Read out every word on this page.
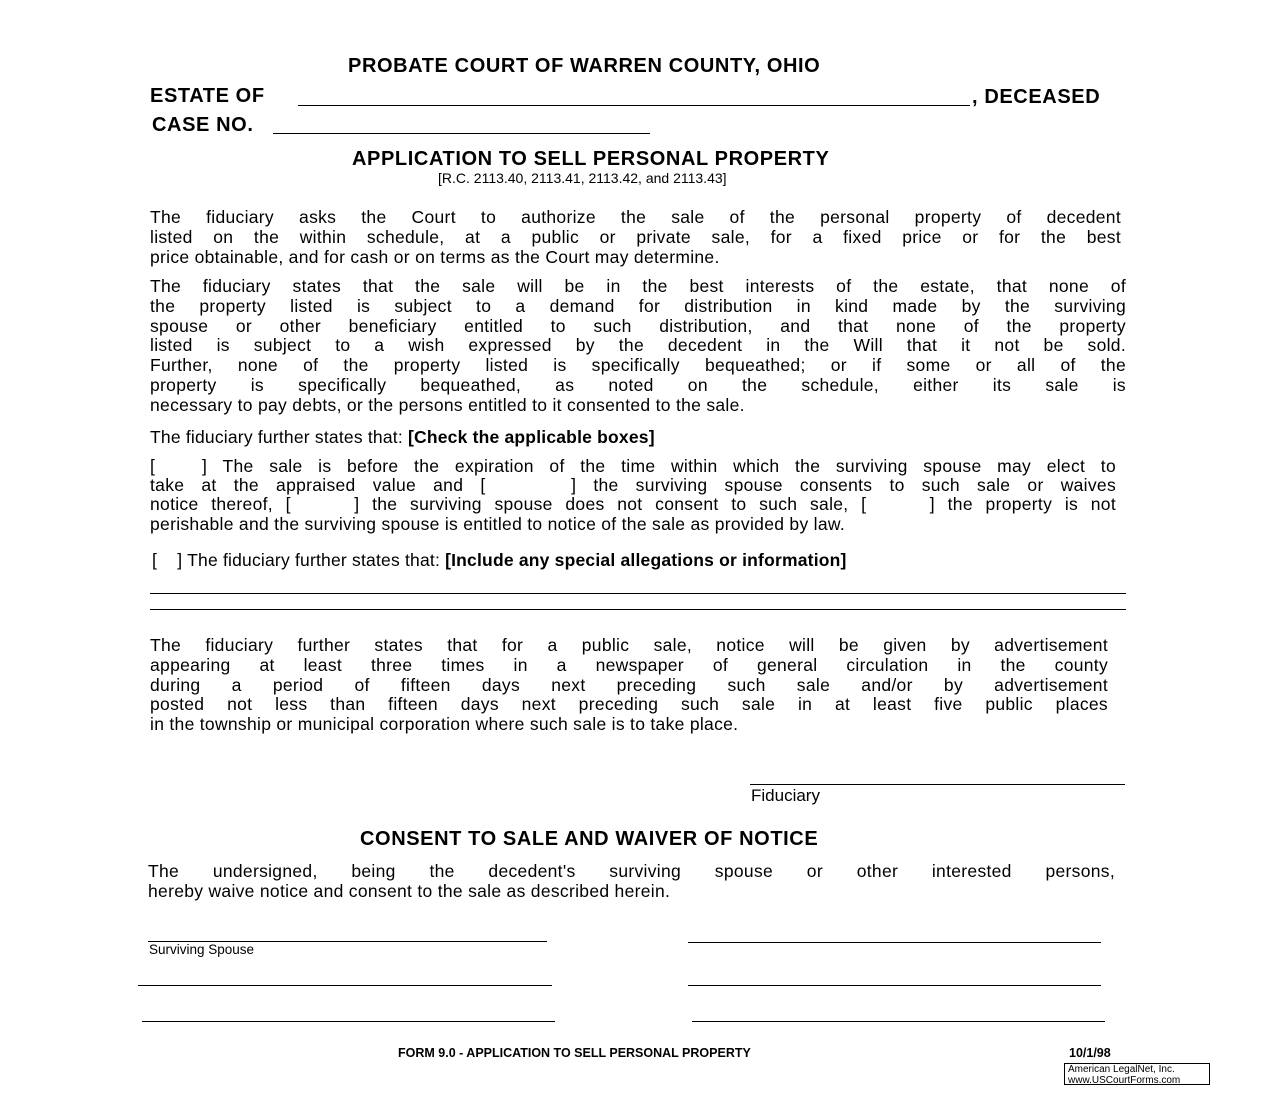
PROBATE COURT OF WARREN COUNTY, OHIO
ESTATE OF	, DECEASED
CASE NO.
APPLICATION TO SELL PERSONAL PROPERTY
[R.C. 2113.40, 2113.41, 2113.42, and 2113.43]
The fiduciary asks the Court to authorize the sale of the personal property of decedent
listed on the within schedule, at a public or private sale, for a fixed price or for the best
price obtainable, and for cash or on terms as the Court may determine.
The fiduciary states that the sale will be in the best interests of the estate, that none of
the property listed is subject to a demand for distribution in kind made by the surviving
spouse or other beneficiary entitled to such distribution, and that none of the property
listed is subject to a wish expressed by the decedent in the Will that it not be sold.
Further, none of the property listed is specifically bequeathed; or if some or all of the
property is specifically bequeathed, as noted on the schedule, either its sale is
necessary to pay debts, or the persons entitled to it consented to the sale.
[   ] The sale is before the expiration of the time within which the surviving spouse may elect to
take at the appraised value and [     ] the surviving spouse consents to such sale or waives
notice thereof, [     ] the surviving spouse does not consent to such sale, [     ] the property is not
perishable and the surviving spouse is entitled to notice of the sale as provided by law.
The fiduciary further states that for a public sale, notice will be given by advertisement
appearing at least three times in a newspaper of general circulation in the county
during a period of fifteen days next preceding such sale and/or by advertisement
posted not less than fifteen days next preceding such sale in at least five public places
in the township or municipal corporation where such sale is to take place.
The undersigned, being the decedent's surviving spouse or other interested persons,
hereby waive notice and consent to the sale as described herein.
The fiduciary further states that: [Check the applicable boxes]
[    ] The fiduciary further states that: [Include any special allegations or information]
Fiduciary
CONSENT TO SALE AND WAIVER OF NOTICE
Surviving Spouse
FORM 9.0 - APPLICATION TO SELL PERSONAL PROPERTY	10/1/98
American LegalNet, Inc.
www.USCourtForms.com
